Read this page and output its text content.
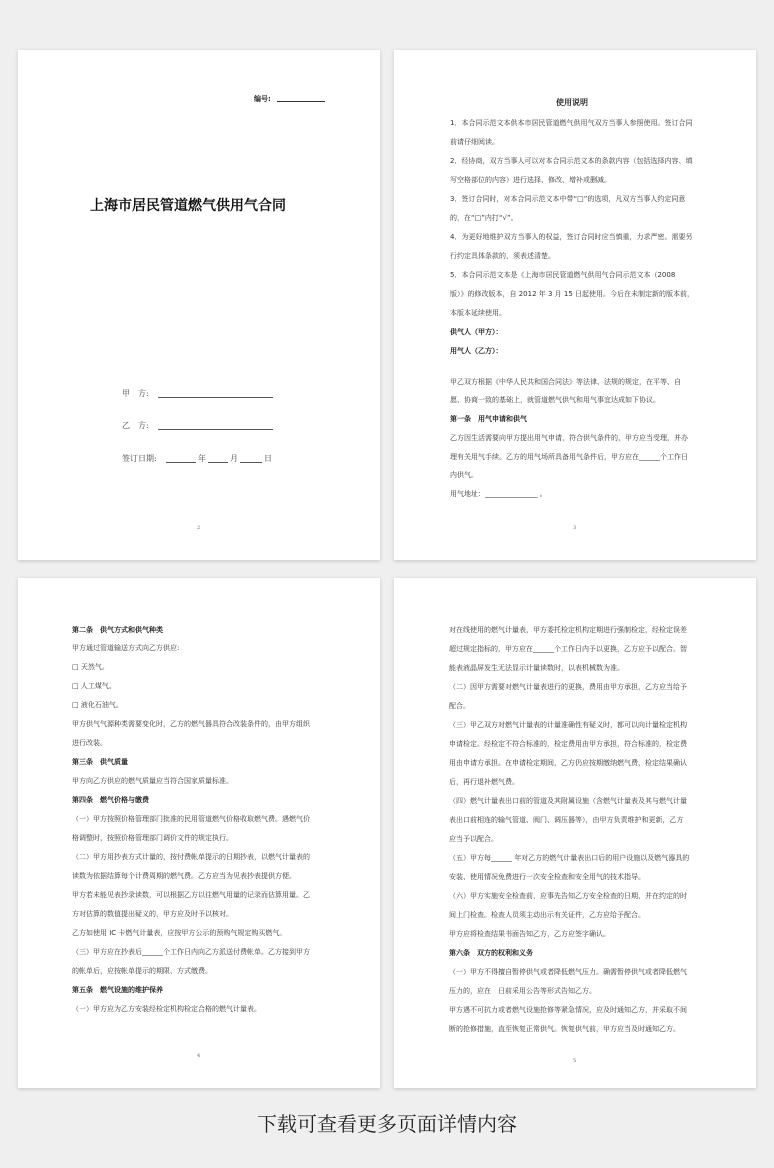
编号:
上海市居民管道燃气供用气合同
甲　方:
乙　方:
签订日期:	年	月	日
2
使用说明
1．本合同示范文本供本市居民管道燃气供用气双方当事人参照使用。签订合同
前请仔细阅读。
2．经协商，双方当事人可以对本合同示范文本的条款内容（包括选择内容、填
写空格部位的内容）进行选择、修改、增补或删减。
3．签订合同时，对本合同示范文本中带“□”的选项，凡双方当事人约定同意
的，在“□”内打“√”。
4．为更好地维护双方当事人的权益，签订合同时应当慎重，力求严密。需要另
行约定具体条款的，须表述清楚。
5．本合同示范文本是《上海市居民管道燃气供用气合同示范文本（2008
版）》的修改版本，自 2012 年 3 月 15 日起使用。今后在未制定新的版本前，
本版本延续使用。
供气人（甲方）：
用气人（乙方）：
甲乙双方根据《中华人民共和国合同法》等法律、法规的规定，在平等、自
愿、协商一致的基础上，就管道燃气供气和用气事宜达成如下协议。
第一条　用气申请和供气
乙方因生活需要向甲方提出用气申请，符合供气条件的，甲方应当受理，并办
理有关用气手续。乙方的用气场所具备用气条件后，甲方应在______个工作日
内供气。
用气地址：_______________ 。
3
第二条　供气方式和供气种类
甲方通过管道输送方式向乙方供应:
□ 天然气。
□ 人工煤气。
□ 液化石油气。
甲方供气气源种类需要变化时，乙方的燃气器具符合改装条件的，由甲方组织
进行改装。
第三条　供气质量
甲方向乙方供应的燃气质量应当符合国家质量标准。
第四条　燃气价格与缴费
（一）甲方按照价格管理部门批准的民用管道燃气价格收取燃气费。遇燃气价
格调整时，按照价格管理部门调价文件的规定执行。
（二）甲方用抄表方式计量的，按付费帐单提示的日期抄表，以燃气计量表的
读数为依据结算每个计费周期的燃气费。乙方应当为见表抄表提供方便。
甲方若未能见表抄录读数，可以根据乙方以往燃气用量的记录而估算用量。乙
方对估算的数值提出疑义的，甲方应及时予以核对。
乙方如使用 IC 卡燃气计量表，应按甲方公示的预购气规定购买燃气。
（三）甲方应在抄表后______个工作日内向乙方派送付费帐单。乙方接到甲方
的帐单后，应按帐单提示的期限、方式缴费。
第五条　燃气设施的维护保养
（一）甲方应为乙方安装经检定机构检定合格的燃气计量表。
4
对在线使用的燃气计量表，甲方委托检定机构定期进行强制检定，经检定误差
超过规定指标的，甲方应在______个工作日内予以更换，乙方应予以配合。智
能表液晶屏发生无法显示计量读数时，以表机械数为准。
（二）因甲方需要对燃气计量表进行的更换，费用由甲方承担，乙方应当给予
配合。
（三）甲乙双方对燃气计量表的计量准确性有疑义时，都可以向计量检定机构
申请检定。经检定不符合标准的，检定费用由甲方承担，符合标准的，检定费
用由申请方承担。在申请检定期间，乙方仍应按期缴纳燃气费，检定结果确认
后，再行退补燃气费。
（四）燃气计量表出口前的管道及其附属设施（含燃气计量表及其与燃气计量
表出口前相连的输气管道、阀门、调压器等），由甲方负责维护和更新，乙方
应当予以配合。
（五）甲方每______ 年对乙方的燃气计量表出口后的用户设施以及燃气器具的
安装、使用情况免费进行一次安全检查和安全用气的技术指导。
（六）甲方实施安全检查前，应事先告知乙方安全检查的日期，并在约定的时
间上门检查。检查人员须主动出示有关证件，乙方应给予配合。
甲方应将检查结果书面告知乙方，乙方应签字确认。
第六条　双方的权利和义务
（一）甲方不得擅自暂停供气或者降低燃气压力。确需暂停供气或者降低燃气
压力的，应在　日前采用公告等形式告知乙方。
甲方遇不可抗力或者燃气设施抢修等紧急情况，应及时通知乙方，并采取不间
断的抢修措施，直至恢复正常供气。恢复供气前，甲方应当及时通知乙方。
5
下载可查看更多页面详情内容
